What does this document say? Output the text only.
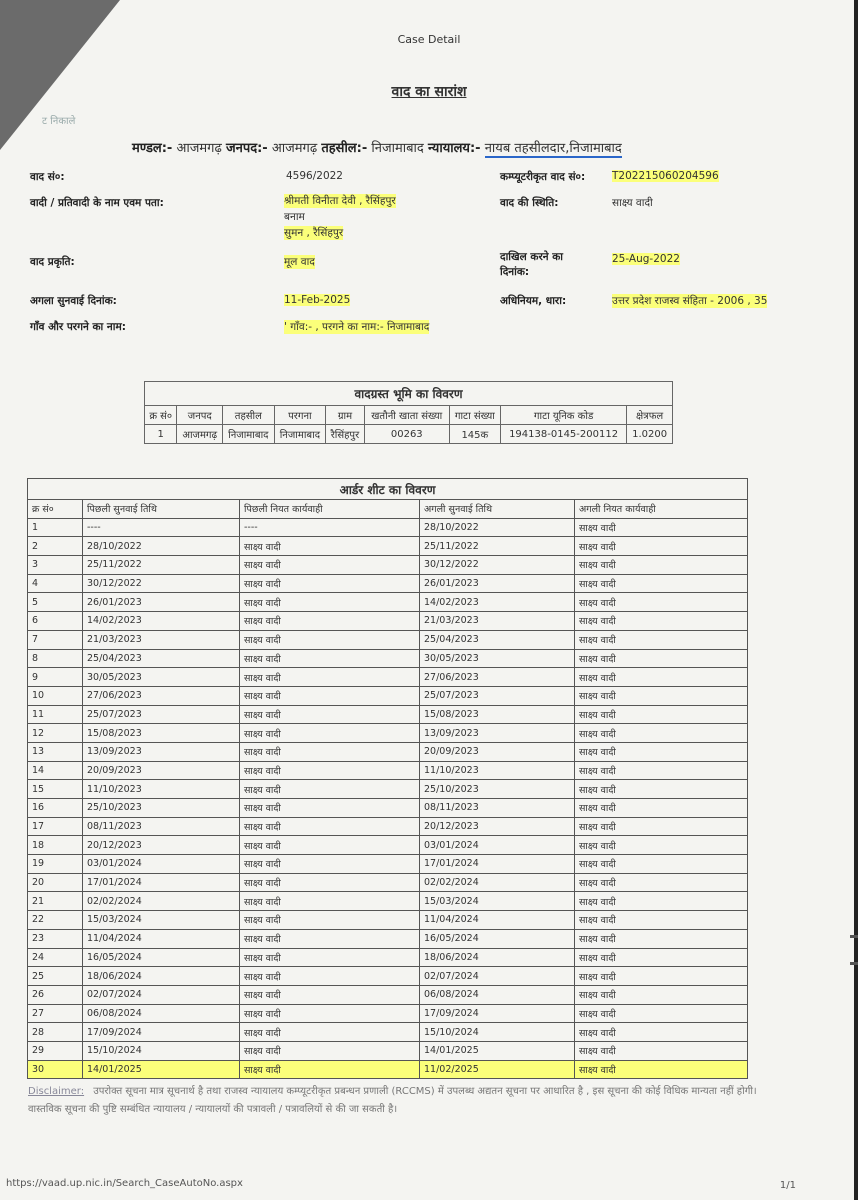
Case Detail
वाद का सारांश
ट निकाले
मण्डल:- आजमगढ़ जनपद:- आजमगढ़ तहसील:- निजामाबाद न्यायालय:- नायब तहसीलदार,निजामाबाद
वाद सं०:	4596/2022
वादी / प्रतिवादी के नाम एवम पता:	श्रीमती विनीता देवी , रैसिंहपुर
बनाम
सुमन , रैसिंहपुर
वाद प्रकृति:	मूल वाद
अगला सुनवाई दिनांक:	11-Feb-2025
गाँव और परगने का नाम:	' गाँव:- , परगने का नाम:- निजामाबाद
कम्प्यूटरीकृत वाद सं०:	T202215060204596
वाद की स्थिति:	साक्ष्य वादी
दाखिल करने का दिनांक:
25-Aug-2022
अधिनियम, धारा:	उत्तर प्रदेश राजस्व संहिता - 2006 , 35
वादग्रस्त भूमि का विवरण								
क्र सं०	जनपद	तहसील	परगना	ग्राम	खतौनी खाता संख्या	गाटा संख्या	गाटा यूनिक कोड	क्षेत्रफल
1	आजमगढ़	निजामाबाद	निजामाबाद	रैसिंहपुर	00263	145क	194138-0145-200112	1.0200
आर्डर शीट का विवरण				
क्र सं०	पिछली सुनवाई तिथि	पिछली नियत कार्यवाही	अगली सुनवाई तिथि	अगली नियत कार्यवाही
1	----	----	28/10/2022	साक्ष्य वादी
2	28/10/2022	साक्ष्य वादी	25/11/2022	साक्ष्य वादी
3	25/11/2022	साक्ष्य वादी	30/12/2022	साक्ष्य वादी
4	30/12/2022	साक्ष्य वादी	26/01/2023	साक्ष्य वादी
5	26/01/2023	साक्ष्य वादी	14/02/2023	साक्ष्य वादी
6	14/02/2023	साक्ष्य वादी	21/03/2023	साक्ष्य वादी
7	21/03/2023	साक्ष्य वादी	25/04/2023	साक्ष्य वादी
8	25/04/2023	साक्ष्य वादी	30/05/2023	साक्ष्य वादी
9	30/05/2023	साक्ष्य वादी	27/06/2023	साक्ष्य वादी
10	27/06/2023	साक्ष्य वादी	25/07/2023	साक्ष्य वादी
11	25/07/2023	साक्ष्य वादी	15/08/2023	साक्ष्य वादी
12	15/08/2023	साक्ष्य वादी	13/09/2023	साक्ष्य वादी
13	13/09/2023	साक्ष्य वादी	20/09/2023	साक्ष्य वादी
14	20/09/2023	साक्ष्य वादी	11/10/2023	साक्ष्य वादी
15	11/10/2023	साक्ष्य वादी	25/10/2023	साक्ष्य वादी
16	25/10/2023	साक्ष्य वादी	08/11/2023	साक्ष्य वादी
17	08/11/2023	साक्ष्य वादी	20/12/2023	साक्ष्य वादी
18	20/12/2023	साक्ष्य वादी	03/01/2024	साक्ष्य वादी
19	03/01/2024	साक्ष्य वादी	17/01/2024	साक्ष्य वादी
20	17/01/2024	साक्ष्य वादी	02/02/2024	साक्ष्य वादी
21	02/02/2024	साक्ष्य वादी	15/03/2024	साक्ष्य वादी
22	15/03/2024	साक्ष्य वादी	11/04/2024	साक्ष्य वादी
23	11/04/2024	साक्ष्य वादी	16/05/2024	साक्ष्य वादी
24	16/05/2024	साक्ष्य वादी	18/06/2024	साक्ष्य वादी
25	18/06/2024	साक्ष्य वादी	02/07/2024	साक्ष्य वादी
26	02/07/2024	साक्ष्य वादी	06/08/2024	साक्ष्य वादी
27	06/08/2024	साक्ष्य वादी	17/09/2024	साक्ष्य वादी
28	17/09/2024	साक्ष्य वादी	15/10/2024	साक्ष्य वादी
29	15/10/2024	साक्ष्य वादी	14/01/2025	साक्ष्य वादी
30	14/01/2025	साक्ष्य वादी	11/02/2025	साक्ष्य वादी
Disclaimer: उपरोक्त सूचना मात्र सूचनार्थ है तथा राजस्व न्यायालय कम्प्यूटरीकृत प्रबन्धन प्रणाली (RCCMS) में उपलब्ध अद्यतन सूचना पर आधारित है , इस सूचना की कोई विधिक मान्यता नहीं होगी। वास्तविक सूचना की पुष्टि सम्बंधित न्यायालय / न्यायालयों की पत्रावली / पत्रावलियों से की जा सकती है।
https://vaad.up.nic.in/Search_CaseAutoNo.aspx	1/1
